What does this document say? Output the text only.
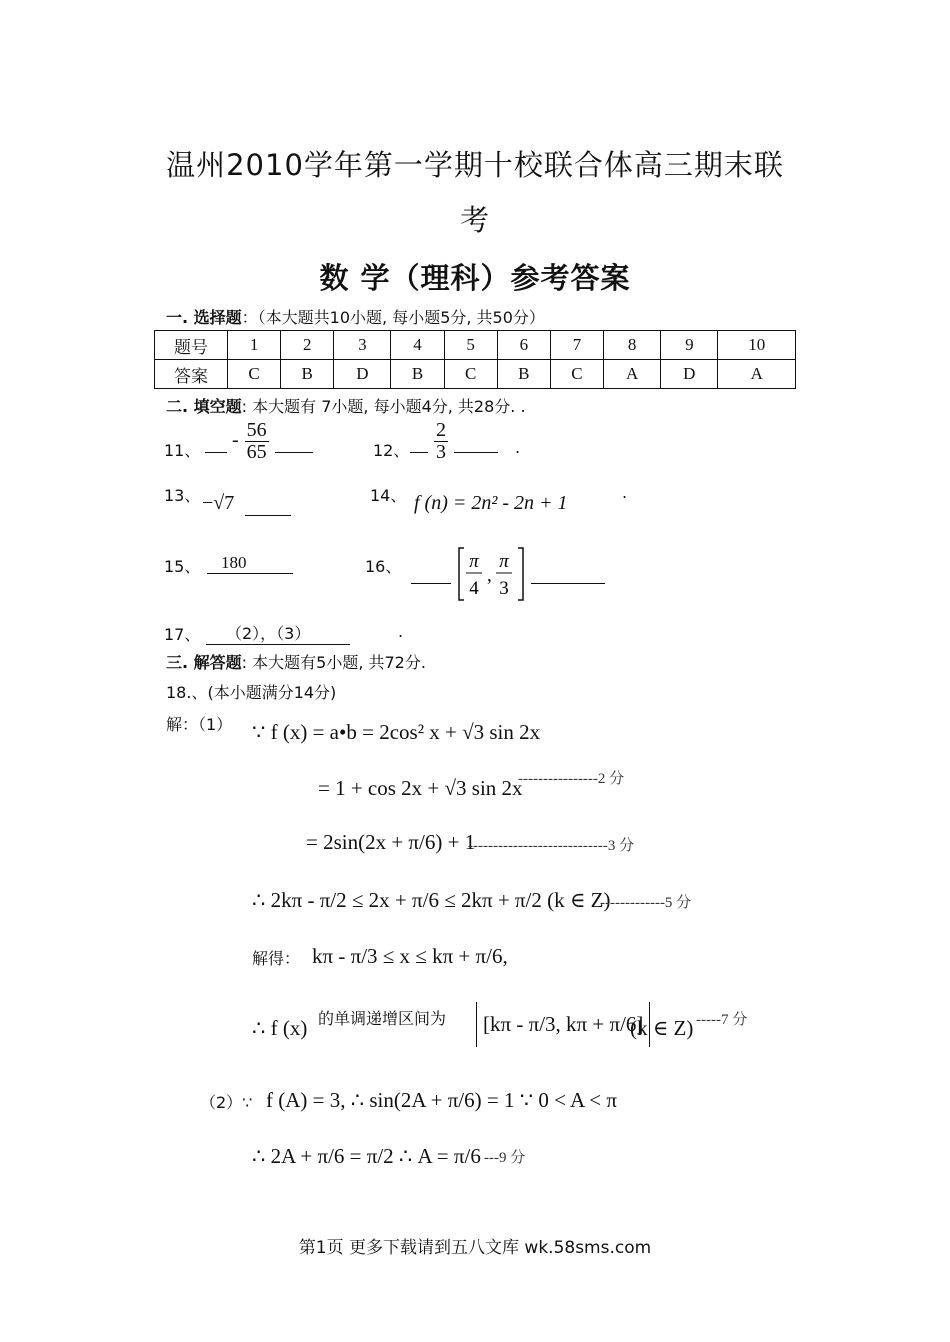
温州2010学年第一学期十校联合体高三期末联
考
数 学（理科）参考答案
一. 选择题：（本大题共10小题, 每小题5分, 共50分）
题号	1	2	3	4	5	6	7	8	9	10
答案	C	B	D	B	C	B	C	A	D	A
二. 填空题: 本大题有 7小题, 每小题4分, 共28分. .
11、	- $\frac{56}{65}$
	12、
$\frac{2}{3}$
	.
13、 −√7	14、 f (n) = 2n² - 2n + 1	.
15、	180	16、
	π
4
,
π
3

17、	（2），（3）	.
三. 解答题: 本大题有5小题, 共72分.
18.、(本小题满分14分)
解：（1） ∵ f (x) = a•b = 2cos² x + √3 sin 2x
= 1 + cos 2x + √3 sin 2x
----------------2 分
= 2sin(2x + π/6) + 1
----------------------------3 分
∴ 2kπ - π/2 ≤ 2x + π/6 ≤ 2kπ + π/2 (k ∈ Z)
-------------5 分
解得： kπ - π/3 ≤ x ≤ kπ + π/6,
∴ f (x) 的单调递增区间为	[kπ - π/3, kπ + π/6]
(k ∈ Z) -----7 分
（2）∵ f (A) = 3, ∴ sin(2A + π/6) = 1 ∵ 0 < A < π
∴ 2A + π/6 = π/2 ∴ A = π/6 ---9 分
第1页 更多下载请到五八文库 wk.58sms.com
